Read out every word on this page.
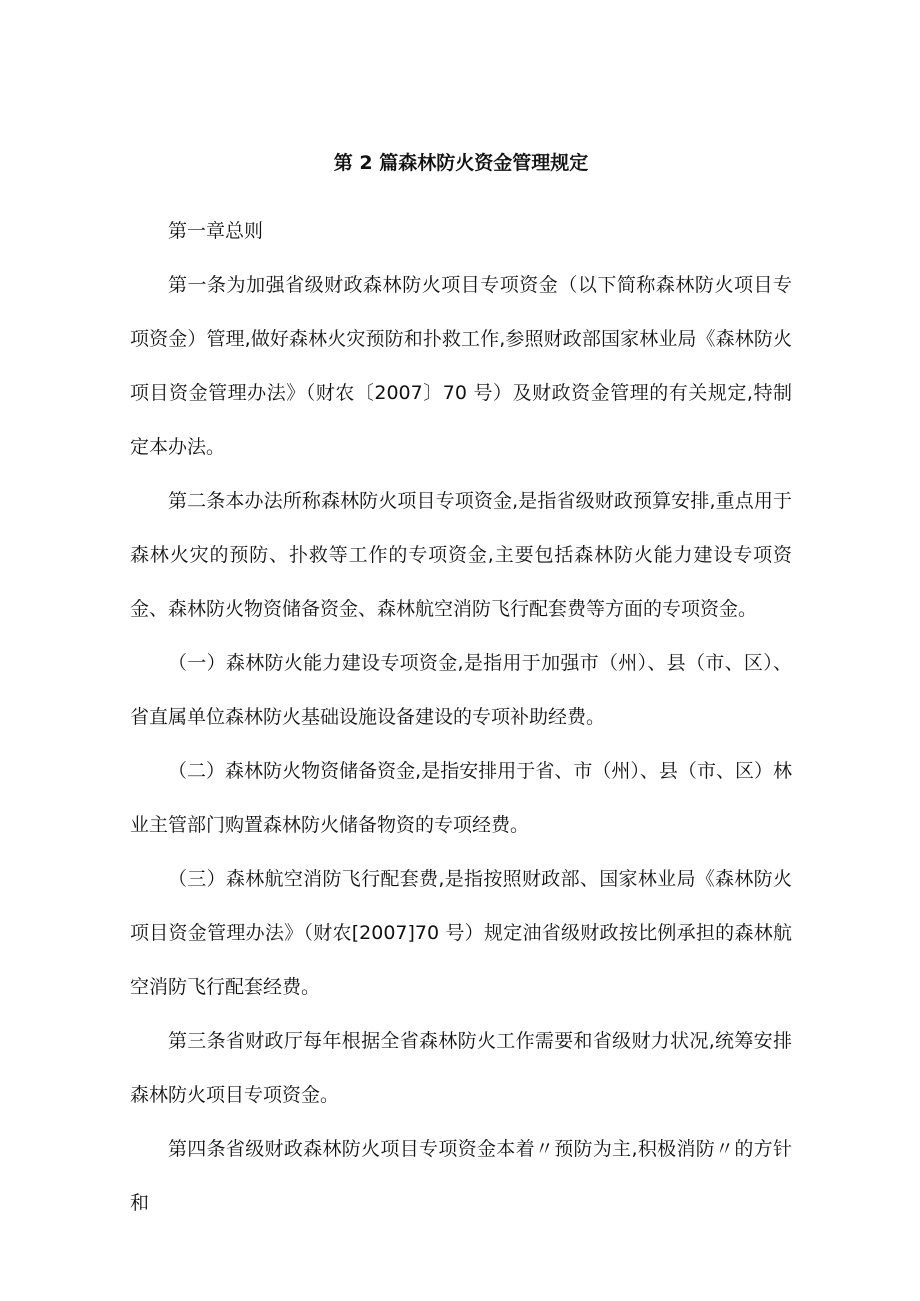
第 2 篇森林防火资金管理规定

第一章总则

第一条为加强省级财政森林防火项目专项资金（以下简称森林防火项目专项资金）管理,做好森林火灾预防和扑救工作,参照财政部国家林业局《森林防火项目资金管理办法》（财农〔2007〕70 号）及财政资金管理的有关规定,特制定本办法。

第二条本办法所称森林防火项目专项资金,是指省级财政预算安排,重点用于森林火灾的预防、扑救等工作的专项资金,主要包括森林防火能力建设专项资金、森林防火物资储备资金、森林航空消防飞行配套费等方面的专项资金。

（一）森林防火能力建设专项资金,是指用于加强市（州）、县（市、区）、省直属单位森林防火基础设施设备建设的专项补助经费。

（二）森林防火物资储备资金,是指安排用于省、市（州）、县（市、区）林业主管部门购置森林防火储备物资的专项经费。

（三）森林航空消防飞行配套费,是指按照财政部、国家林业局《森林防火项目资金管理办法》（财农[2007]70 号）规定油省级财政按比例承担的森林航空消防飞行配套经费。

第三条省财政厅每年根据全省森林防火工作需要和省级财力状况,统筹安排森林防火项目专项资金。

第四条省级财政森林防火项目专项资金本着〃预防为主,积极消防〃的方针和
